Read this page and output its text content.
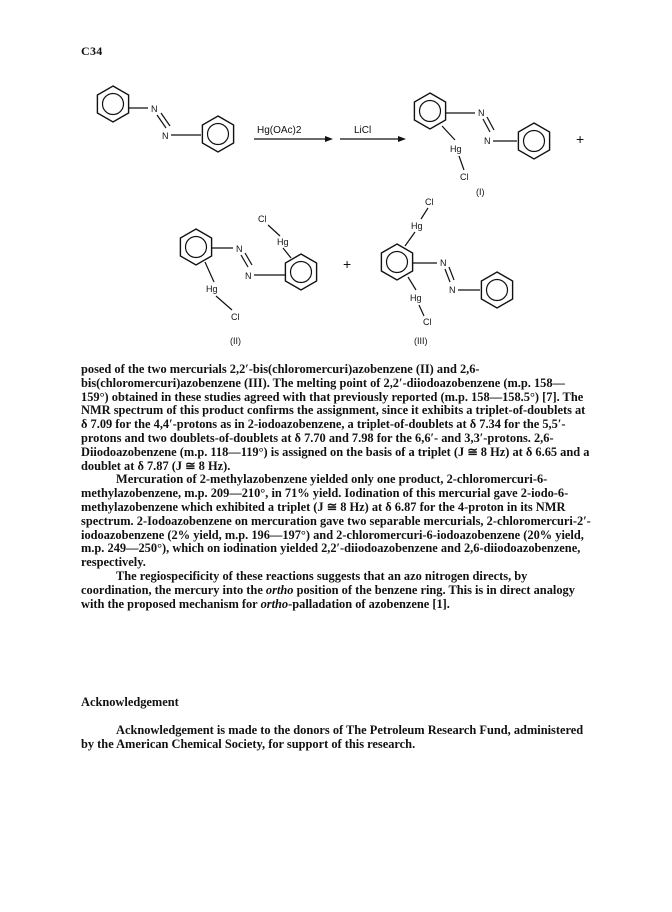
C34
N
N	Hg(OAc)2	LiCl
N
N
Hg
Cl
(I)
+
N
N
Hg
Cl
Hg
Cl
(II)
+	N
N
Hg
Cl
Hg
Cl
(III)

posed of the two mercurials 2,2′-bis(chloromercuri)azobenzene (II) and 2,6-bis(chloromercuri)azobenzene (III). The melting point of 2,2′-diiodoazobenzene (m.p. 158—159°) obtained in these studies agreed with that previously reported (m.p. 158—158.5°) [7]. The NMR spectrum of this product confirms the assignment, since it exhibits a triplet-of-doublets at δ 7.09 for the 4,4′-protons as in 2-iodoazobenzene, a triplet-of-doublets at δ 7.34 for the 5,5′-protons and two doublets-of-doublets at δ 7.70 and 7.98 for the 6,6′- and 3,3′-protons. 2,6-Diiodoazobenzene (m.p. 118—119°) is assigned on the basis of a triplet (J ≅ 8 Hz) at δ 6.65 and a doublet at δ 7.87 (J ≅ 8 Hz).

Mercuration of 2-methylazobenzene yielded only one product, 2-chloromercuri-6-methylazobenzene, m.p. 209—210°, in 71% yield. Iodination of this mercurial gave 2-iodo-6-methylazobenzene which exhibited a triplet (J ≅ 8 Hz) at δ 6.87 for the 4-proton in its NMR spectrum. 2-Iodoazobenzene on mercuration gave two separable mercurials, 2-chloromercuri-2′-iodoazobenzene (2% yield, m.p. 196—197°) and 2-chloromercuri-6-iodoazobenzene (20% yield, m.p. 249—250°), which on iodination yielded 2,2′-diiodoazobenzene and 2,6-diiodoazobenzene, respectively.

The regiospecificity of these reactions suggests that an azo nitrogen directs, by coordination, the mercury into the ortho position of the benzene ring. This is in direct analogy with the proposed mechanism for ortho-palladation of azobenzene [1].

Acknowledgement
Acknowledgement is made to the donors of The Petroleum Research Fund, administered by the American Chemical Society, for support of this research.
